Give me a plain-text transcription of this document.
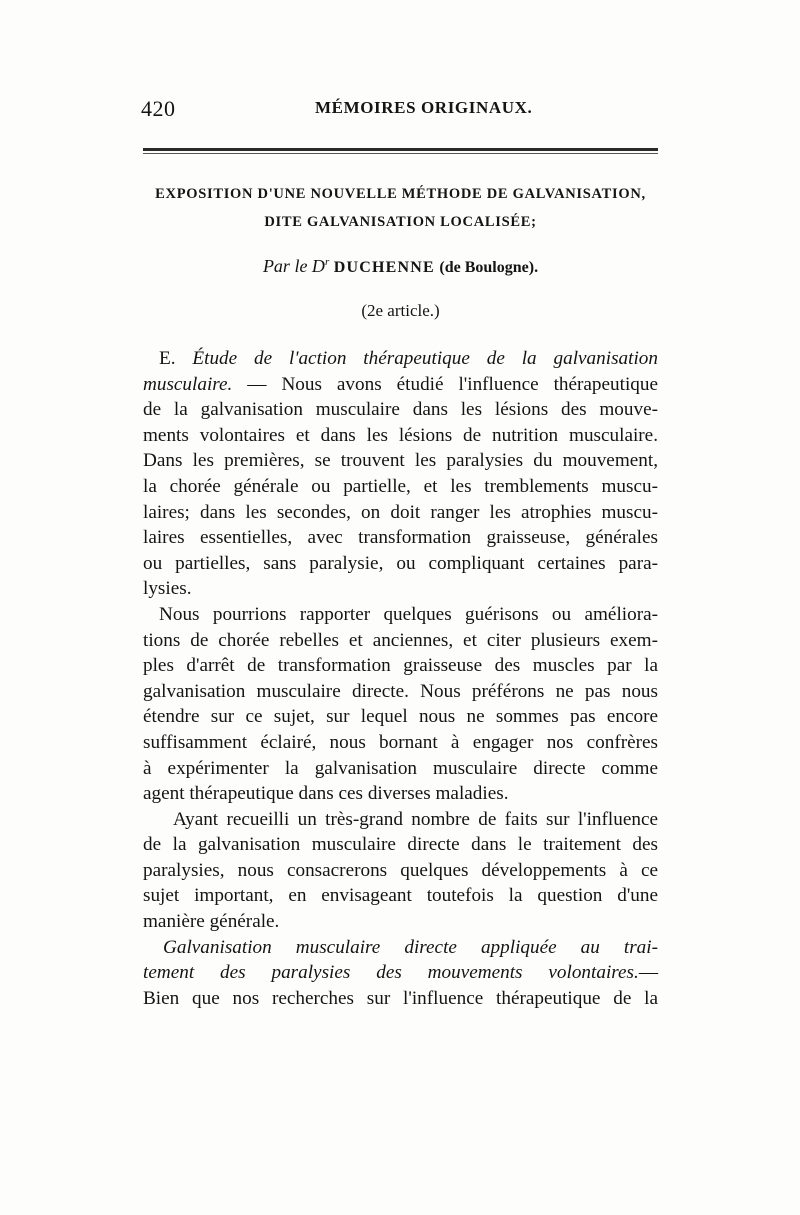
420	MÉMOIRES ORIGINAUX.
EXPOSITION D'UNE NOUVELLE MÉTHODE DE GALVANISATION,
DITE GALVANISATION LOCALISÉE;
Par le $D^r$ DUCHENNE (de Boulogne).
(2e article.)

E. Étude de l'action thérapeutique de la galvanisation
musculaire. — Nous avons étudié l'influence thérapeutique
de la galvanisation musculaire dans les lésions des mouve-
ments volontaires et dans les lésions de nutrition musculaire.
Dans les premières, se trouvent les paralysies du mouvement,
la chorée générale ou partielle, et les tremblements muscu-
laires; dans les secondes, on doit ranger les atrophies muscu-
laires essentielles, avec transformation graisseuse, générales
ou partielles, sans paralysie, ou compliquant certaines para-
lysies.

Nous pourrions rapporter quelques guérisons ou améliora-
tions de chorée rebelles et anciennes, et citer plusieurs exem-
ples d'arrêt de transformation graisseuse des muscles par la
galvanisation musculaire directe. Nous préférons ne pas nous
étendre sur ce sujet, sur lequel nous ne sommes pas encore
suffisamment éclairé, nous bornant à engager nos confrères
à expérimenter la galvanisation musculaire directe comme
agent thérapeutique dans ces diverses maladies.

Ayant recueilli un très-grand nombre de faits sur l'influence
de la galvanisation musculaire directe dans le traitement des
paralysies, nous consacrerons quelques développements à ce
sujet important, en envisageant toutefois la question d'une
manière générale.

Galvanisation musculaire directe appliquée au trai-
tement des paralysies des mouvements volontaires.—
Bien que nos recherches sur l'influence thérapeutique de la
